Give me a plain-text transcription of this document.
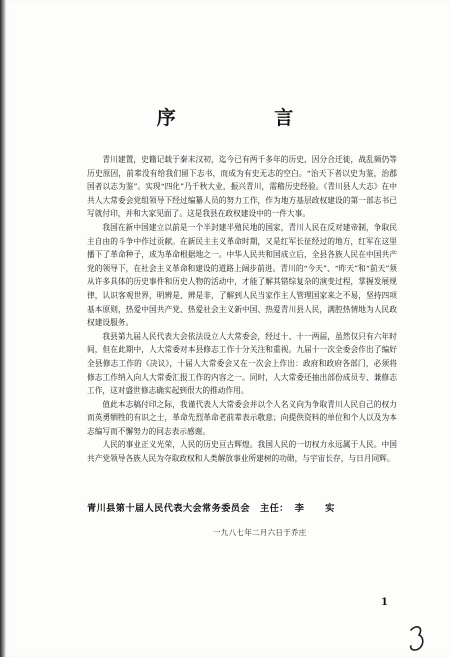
序 言

青川建置，史籍记载于秦末汉初，迄今已有两千多年的历史，因分合迁徙，战乱频仍等历史原因，前辈没有给我们留下志书，而成为有史无志的空白。“治天下者以史为鉴，治郡国者以志为鉴”。实现“四化”乃千秋大业，振兴青川，需稽历史经验。《青川县人大志》在中共人大常委会党组领导下经过编纂人员的努力工作，作为地方基层政权建设的第一部志书已写就付印，并和大家见面了。这是我县在政权建设中的一件大事。

我国在新中国建立以前是一个半封建半殖民地的国家，青川人民在反对建帝制，争取民主自由的斗争中作过贡献。在新民主主义革命时期，又是红军长征经过的地方，红军在这里播下了革命种子，成为革命根据地之一。中华人民共和国成立后，全县各族人民在中国共产党的领导下，在社会主义革命和建设的道路上阔步前进。青川的“今天”、“昨天”和“前天”须从许多具体的历史事件和历史人物的活动中，才能了解其错综复杂的演变过程，掌握发展规律，认识客观世界，明辨是、辨是非，了解到人民当家作主人管理国家来之不易，坚持四项基本原则，热爱中国共产党、热爱社会主义新中国、热爱青川县人民，满腔热情地为人民政权建设服务。

我县第九届人民代表大会依法设立人大常委会，经过十、十一两届，虽然仅只有六年时间，但在此期中，人大常委对本县修志工作十分关注和重视。九届十一次全委会作出了编好全县修志工作的《决议》，十届人大常委会又在一次会上作出：政府和政府各部门，必须将修志工作纳入向人大常委汇报工作的内容之一。同时，人大常委还抽出部份成员专、兼修志工作，这对盛世修志确实起到很大的推动作用。

值此本志稿付印之际，我谨代表人大常委会并以个人名义向为争取青川人民自己的权力而英勇牺牲的有识之士，革命先烈革命老前辈表示敬意；向提供资料的单位和个人以及为本志编写而不懈努力的同志表示感谢。

人民的事业正义光荣，人民的历史亘古辉煌。我国人民的一切权力永远属于人民。中国共产党领导各族人民为夺取政权和人类解放事业所建树的功勋，与宇宙长存，与日月同辉。

青川县第十届人民代表大会常务委员会 主任： 李 实
一九八七年二月六日于乔庄
1
